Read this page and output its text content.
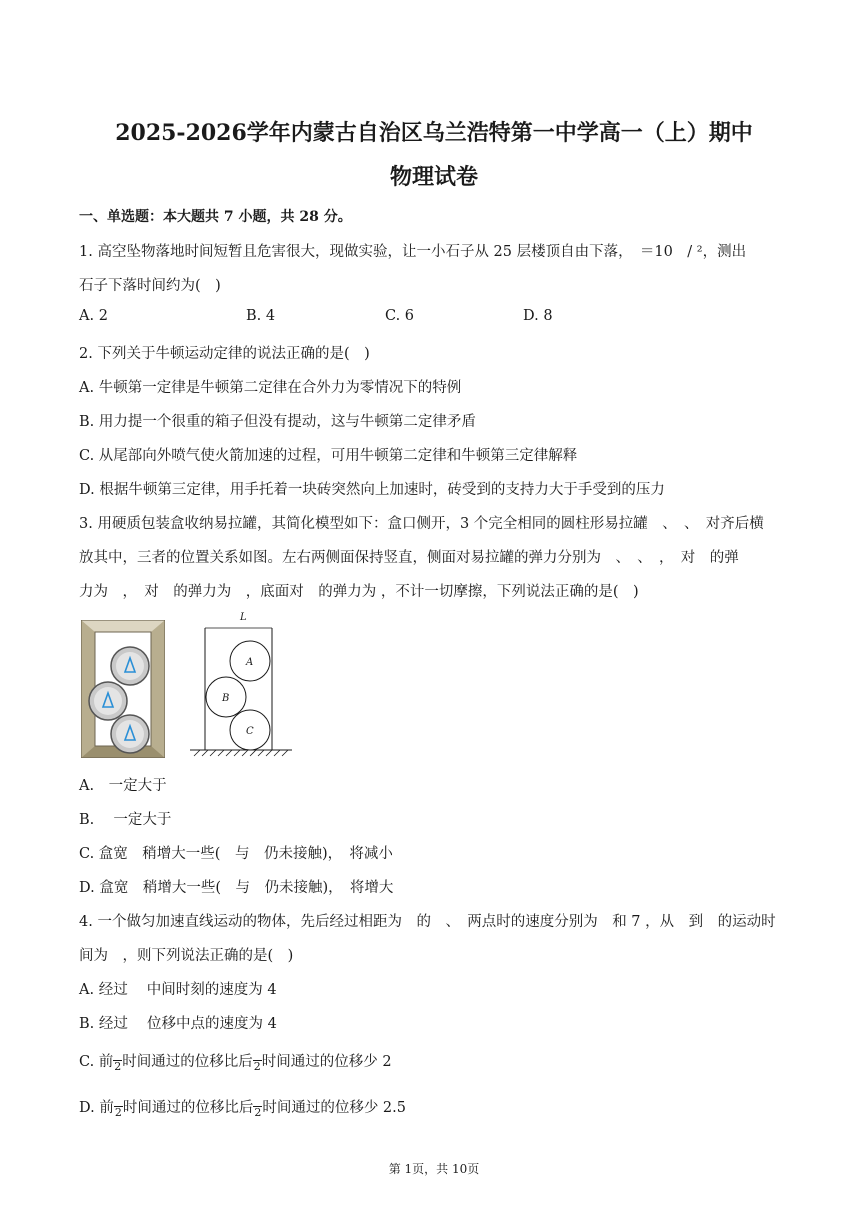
2025-2026学年内蒙古自治区乌兰浩特第一中学高一（上）期中
物理试卷
一、单选题：本大题共 7 小题，共 28 分。
1. 高空坠物落地时间短暂且危害很大，现做实验，让一小石子从 25 层楼顶自由下落，　＝10　/ ²，测出
石子下落时间约为(　)
A. 2	B. 4	C. 6	D. 8
2. 下列关于牛顿运动定律的说法正确的是(　)
A. 牛顿第一定律是牛顿第二定律在合外力为零情况下的特例
B. 用力提一个很重的箱子但没有提动，这与牛顿第二定律矛盾
C. 从尾部向外喷气使火箭加速的过程，可用牛顿第二定律和牛顿第三定律解释
D. 根据牛顿第三定律，用手托着一块砖突然向上加速时，砖受到的支持力大于手受到的压力
3. 用硬质包装盒收纳易拉罐，其简化模型如下：盒口侧开，3 个完全相同的圆柱形易拉罐　、　、　对齐后横
放其中，三者的位置关系如图。左右两侧面保持竖直，侧面对易拉罐的弹力分别为　、　、　，　对　的弹
力为　，　对　的弹力为　，底面对　的弹力为 ，不计一切摩擦，下列说法正确的是(　)
L
A
B
C
A.　一定大于
B.　 一定大于
C. 盒宽　稍增大一些(　与　仍未接触)，　将减小
D. 盒宽　稍增大一些(　与　仍未接触)，　将增大
4. 一个做匀加速直线运动的物体，先后经过相距为　的　、　两点时的速度分别为　和 7 ，从　到　的运动时
间为　，则下列说法正确的是(　)
A. 经过　 中间时刻的速度为 4
B. 经过　 位移中点的速度为 4
C. 前 2 时间通过的位移比后 2 时间通过的位移少 2
D. 前 2 时间通过的位移比后 2 时间通过的位移少 2.5
第 1页，共 10页
